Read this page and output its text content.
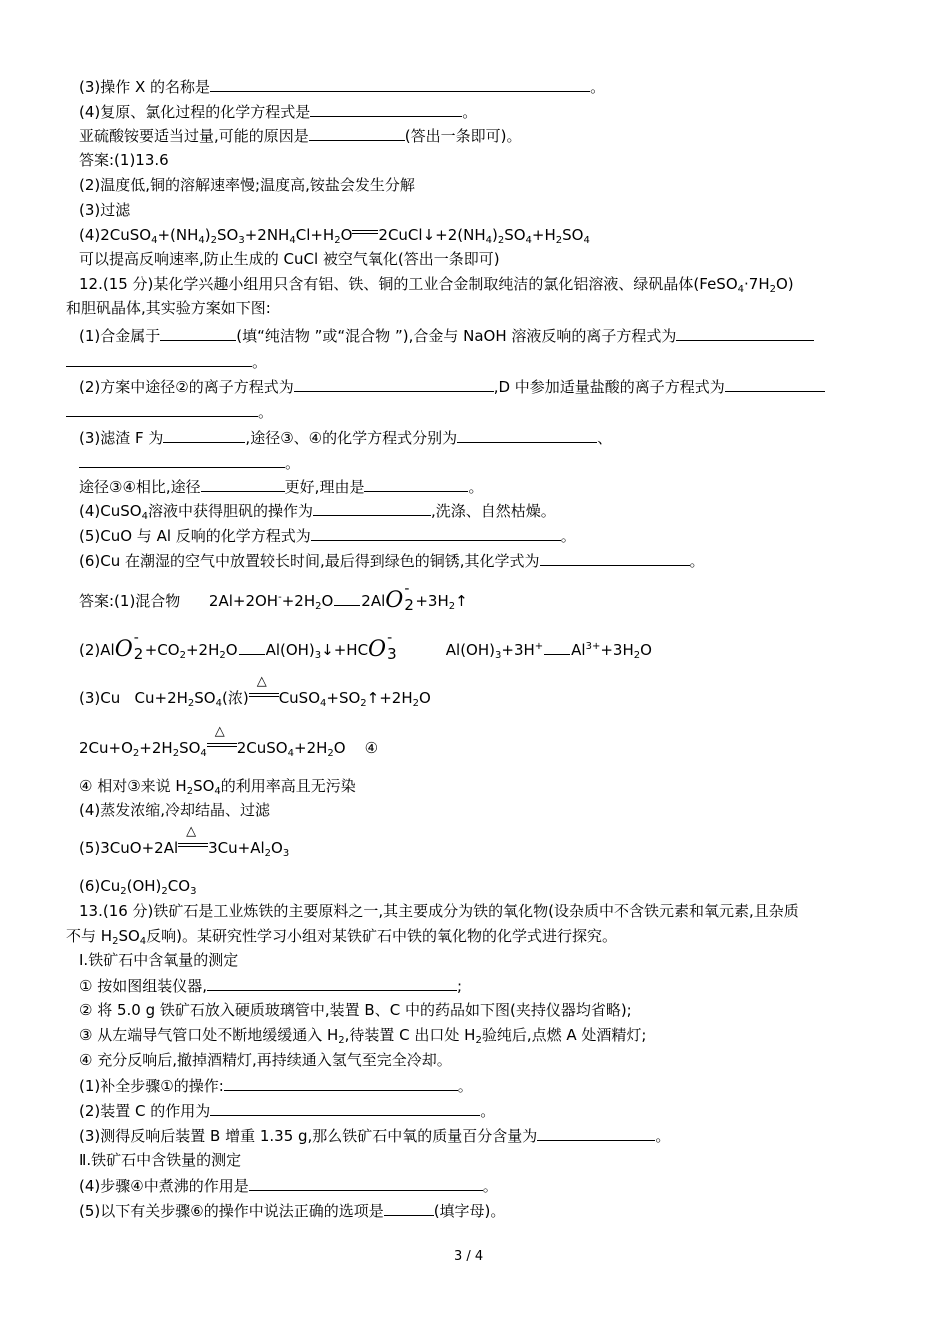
(3)操作 X 的名称是	。
(4)复原、氯化过程的化学方程式是	。
亚硫酸铵要适当过量,可能的原因是	(答出一条即可)。
答案:(1)13.6
(2)温度低,铜的溶解速率慢;温度高,铵盐会发生分解
(3)过滤
$(4)2CuSO_4+(NH_4)_2SO_3+2NH_4Cl+H_2O$ $2CuCl↓+2(NH_4)_2SO_4+H_2SO_4$
可以提高反响速率,防止生成的 CuCl 被空气氧化(答出一条即可)
12.(15 分)某化学兴趣小组用只含有铝、铁、铜的工业合金制取纯洁的氯化铝溶液、绿矾晶体$(FeSO_4\cdot 7H_2O)$
和胆矾晶体,其实验方案如下图:
(1)合金属于	(填“纯洁物 ”或“混合物 ”),合金与 NaOH 溶液反响的离子方程式为
。
(2)方案中途径②的离子方程式为	,D 中参加适量盐酸的离子方程式为
。
(3)滤渣 F 为	,途径③、④的化学方程式分别为	、
。
途径③④相比,途径	更好,理由是	。
(4)CuSO$_4$溶液中获得胆矾的操作为	,洗涤、自然枯燥。
(5)CuO 与 Al 反响的化学方程式为	。
(6)Cu 在潮湿的空气中放置较长时间,最后得到绿色的铜锈,其化学式为	。
答案:(1)混合物      $2Al+2OH^-+2H_2O$ 2AlO -
$2 +3H_2↑$
(2)AlO -
$2 +CO_2+2H_2O$ $Al(OH)_3↓+HCO$ -
3 $Al(OH)_3+3H^+$ $Al^{3+}+3H_2O$
(3)Cu   $Cu+2H_2SO_4$(浓)
△
$CuSO_4+SO_2↑+2H_2O$
$2Cu+O_2+2H_2SO_4$
△
$2CuSO_4+2H_2O$    ④
④ 相对③来说 $H_2SO_4$的利用率高且无污染
(4)蒸发浓缩,冷却结晶、过滤
(5)3CuO+2Al
△
$3Cu+Al_2O_3$
$(6)Cu_2(OH)_2CO_3$
13.(16 分)铁矿石是工业炼铁的主要原料之一,其主要成分为铁的氧化物(设杂质中不含铁元素和氧元素,且杂质
不与 $H_2SO_4$反响)。某研究性学习小组对某铁矿石中铁的氧化物的化学式进行探究。
Ⅰ.铁矿石中含氧量的测定
① 按如图组装仪器,	;
② 将 5.0 g 铁矿石放入硬质玻璃管中,装置 B、C 中的药品如下图(夹持仪器均省略);
③ 从左端导气管口处不断地缓缓通入 $H_2$,待装置 C 出口处 $H_2$验纯后,点燃 A 处酒精灯;
④ 充分反响后,撤掉酒精灯,再持续通入氢气至完全冷却。
(1)补全步骤①的操作:	。
(2)装置 C 的作用为	。
(3)测得反响后装置 B 增重 1.35 g,那么铁矿石中氧的质量百分含量为	。
Ⅱ.铁矿石中含铁量的测定
(4)步骤④中煮沸的作用是	。
(5)以下有关步骤⑥的操作中说法正确的选项是	(填字母)。
3 / 4
